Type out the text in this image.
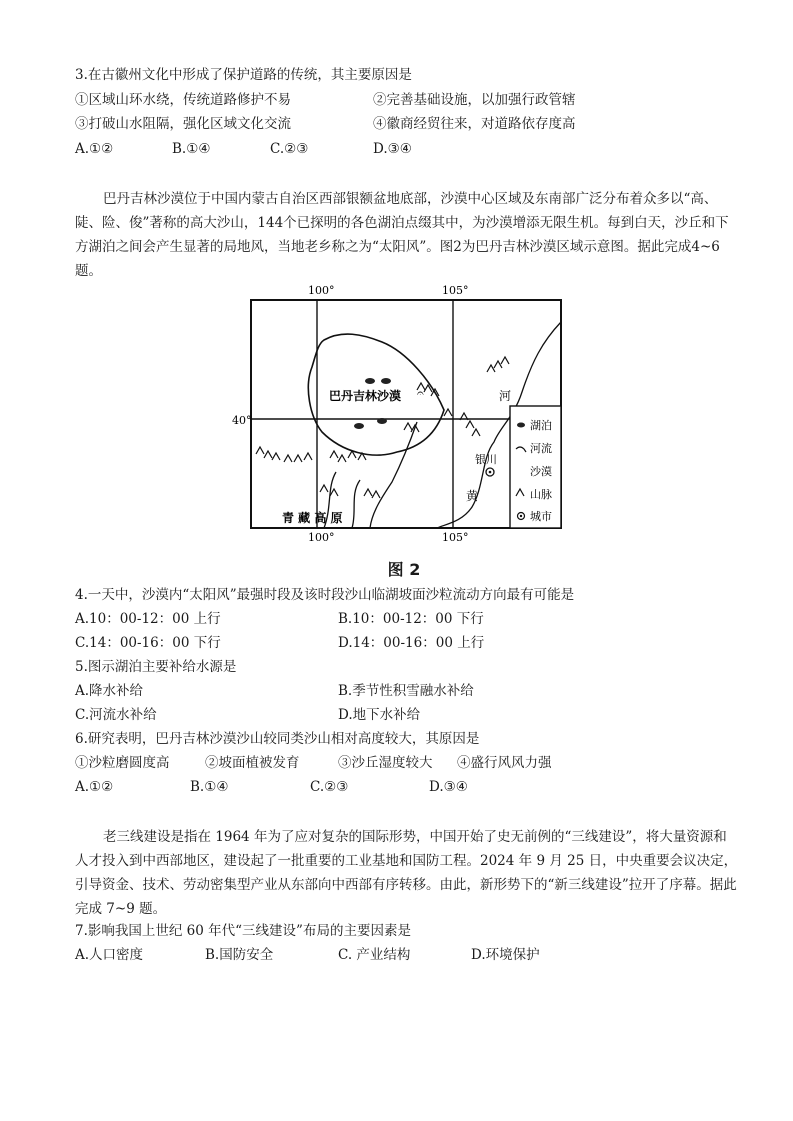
3.在古徽州文化中形成了保护道路的传统，其主要原因是
①区域山环水绕，传统道路修护不易	②完善基础设施，以加强行政管辖
③打破山水阻隔，强化区域文化交流	④徽商经贸往来，对道路依存度高
A.①②	B.①④	C.②③	D.③④
巴丹吉林沙漠位于中国内蒙古自治区西部银额盆地底部，沙漠中心区域及东南部广泛分布着众多以“高、陡、险、俊”著称的高大沙山，144个已探明的各色湖泊点缀其中，为沙漠增添无限生机。每到白天，沙丘和下方湖泊之间会产生显著的局地风，当地老乡称之为“太阳风”。图2为巴丹吉林沙漠区域示意图。据此完成4~6题。
100°	105°
100°	105°
40°
巴丹吉林沙漠 𝄐	河
黄
银川
青 藏 高 原
湖泊
河流
沙漠
山脉
城市
图 2
4.一天中，沙漠内“太阳风”最强时段及该时段沙山临湖坡面沙粒流动方向最有可能是
A.10：00-12：00 上行	B.10：00-12：00 下行
C.14：00-16：00 下行	D.14：00-16：00 上行
5.图示湖泊主要补给水源是
A.降水补给	B.季节性积雪融水补给
C.河流水补给	D.地下水补给
6.研究表明，巴丹吉林沙漠沙山较同类沙山相对高度较大，其原因是
①沙粒磨圆度高	②坡面植被发育	③沙丘湿度较大 ④盛行风风力强
A.①②	B.①④	C.②③	D.③④
老三线建设是指在 1964 年为了应对复杂的国际形势，中国开始了史无前例的“三线建设”，将大量资源和人才投入到中西部地区，建设起了一批重要的工业基地和国防工程。2024 年 9 月 25 日，中央重要会议决定，引导资金、技术、劳动密集型产业从东部向中西部有序转移。由此，新形势下的“新三线建设”拉开了序幕。据此完成 7~9 题。
7.影响我国上世纪 60 年代“三线建设”布局的主要因素是
A.人口密度	B.国防安全	C. 产业结构	D.环境保护
